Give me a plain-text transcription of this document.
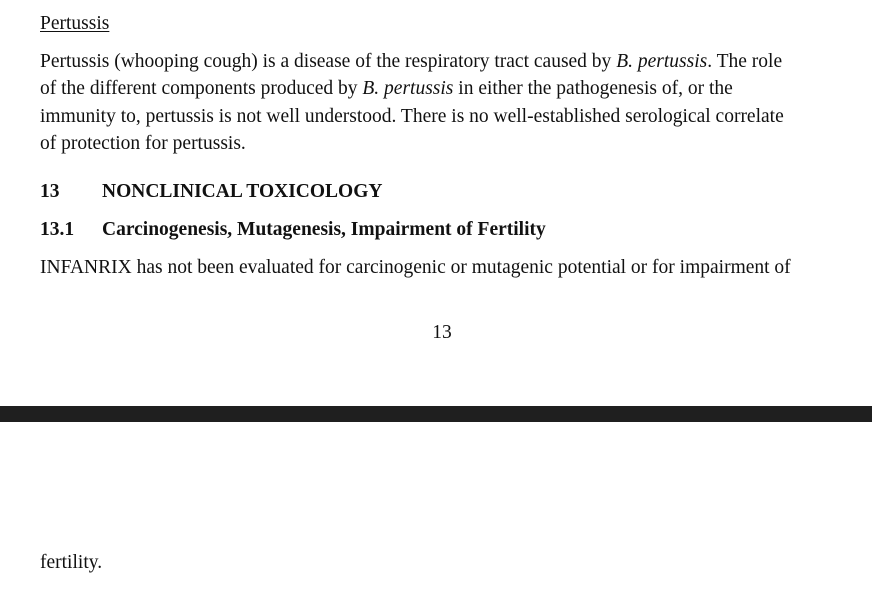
Pertussis
Pertussis (whooping cough) is a disease of the respiratory tract caused by B. pertussis. The role
of the different components produced by B. pertussis in either the pathogenesis of, or the
immunity to, pertussis is not well understood. There is no well-established serological correlate
of protection for pertussis.
13 NONCLINICAL TOXICOLOGY
13.1 Carcinogenesis, Mutagenesis, Impairment of Fertility
INFANRIX has not been evaluated for carcinogenic or mutagenic potential or for impairment of
13
fertility.
